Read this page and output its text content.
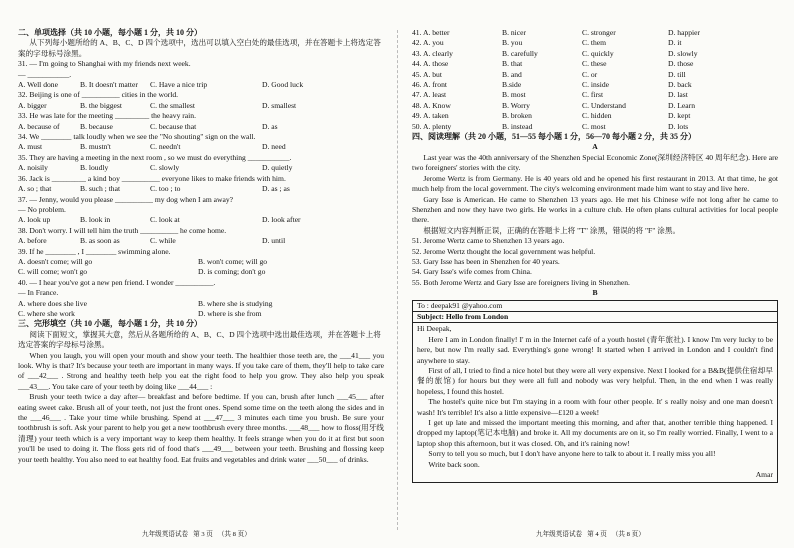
二、单项选择（共 10 小题，每小题 1 分，共 10 分）
从下列每小题所给的 A、B、C、D 四个选项中，选出可以填入空白处的最佳选项，并在答题卡上将选定答案的字母标号涂黑。
31. — I'm going to Shanghai with my friends next week.
— ___________.
A. Well done	B. It doesn't matter	C. Have a nice trip	D. Good luck
32. Beijing is one of __________ cities in the world.
A. bigger	B. the biggest	C. the smallest	D. smallest
33. He was late for the meeting _________ the heavy rain.
A. because of	B. because	C. because that	D. as
34. We ________ talk loudly when we see the "No shouting" sign on the wall.
A. must	B. mustn't	C. needn't	D. need
35. They are having a meeting in the next room , so we must do everything ___________.
A. noisily	B. loudly	C. slowly	D. quietly
36. Jack is _________ a kind boy __________ everyone likes to make friends with him.
A. so ; that	B. such ; that	C. too ; to	D. as ; as
37. — Jenny, would you please __________ my dog when I am away?
— No problem.
A. look up	B. look in	C. look at	D. look after
38. Don't worry. I will tell him the truth __________ he come home.
A. before	B. as soon as	C. while	D. until
39. If he ________ , I ________ swimming alone.
A. doesn't come; will go	B. won't come; will go
C. will come; won't go	D. is coming; don't go
40. — I hear you've got a new pen friend. I wonder __________.
— In France.
A. where does she live	B. where she is studying
C. where she work	D. where is she from
三、完形填空（共 10 小题，每小题 1 分，共 10 分）
阅读下面短文，掌握其大意，然后从各题所给的 A、B、C、D 四个选项中选出最佳选项，并在答题卡上将选定答案的字母标号涂黑。
When you laugh, you will open your mouth and show your teeth. The healthier those teeth are, the ___41___ you look. Why is that? It's because your teeth are important in many ways. If you take care of them, they'll help to take care of ___42___ . Strong and healthy teeth help you eat the right food to help you grow. They also help you speak ___43___. You take care of your teeth by doing like ___44___ :
Brush your teeth twice a day after— breakfast and before bedtime. If you can, brush after lunch ___45___ after eating sweet cake. Brush all of your teeth, not just the front ones. Spend some time on the teeth along the sides and in the ___46___ . Take your time while brushing. Spend at ___47___ 3 minutes each time you brush. Be sure your toothbrush is soft. Ask your parent to help you get a new toothbrush every three months. ___48___ how to floss(用牙线清理) your teeth which is a very important way to keep them healthy. It feels strange when you do it at first but soon you'll be used to doing it. The floss gets rid of food that's ___49___ between your teeth. Brushing and flossing keep your teeth healthy. You also need to eat healthy food. Eat fruits and vegetables and drink water ___50___ of drinks.
41. A. better	B. nicer	C. stronger	D. happier
42. A. you	B. you	C. them	D. it
43. A. clearly	B. carefully	C. quickly	D. slowly
44. A. those	B. that	C. these	D. those
45. A. but	B. and	C. or	D. till
46. A. front	B.side	C. inside	D. back
47. A. least	B. most	C. first	D. last
48. A. Know	B. Worry	C. Understand	D. Learn
49. A. taken	B. broken	C. hidden	D. kept
50. A. plenty	B. instead	C. most	D. lots
四、阅读理解（共 20 小题，51—55 每小题 1 分，56—70 每小题 2 分，共 35 分）
A
Last year was the 40th anniversary of the Shenzhen Special Economic Zone(深圳经济特区 40 周年纪念). Here are two foreigners' stories with the city.
Jerome Wertz is from Germany. He is 40 years old and he opened his first restaurant in 2013. At that time, he got much help from the local government. The city's welcoming environment made him want to stay and live here.
Gary Isse is American. He came to Shenzhen 13 years ago. He met his Chinese wife not long after he came to Shenzhen and now they have two girls. He works in a culture club. He often plans cultural activities for local people there.
根据短文内容判断正误，正确的在答题卡上将 "T" 涂黑，错误的将 "F" 涂黑。
51. Jerome Wertz came to Shenzhen 13 years ago.
52. Jerome Wertz thought the local government was helpful.
53. Gary Isse has been in Shenzhen for 40 years.
54. Gary Isse's wife comes from China.
55. Both Jerome Wertz and Gary Isse are foreigners living in Shenzhen.
B
To : deepak91 @yahoo.com
Subject: Hello from London
Hi Deepak,
Here I am in London finally! I' m in the Internet café of a youth hostel (青年旅社). I know I'm very lucky to be here, but now I'm really sad. Everything's gone wrong! It started when I arrived in London and I couldn't find anywhere to stay.
First of all, I tried to find a nice hotel but they were all very expensive. Next I looked for a B&B(提供住宿却早餐的旅馆) for hours but they were all full and nobody was very helpful. Then, in the end when I was really hopeless, I found this hostel.
The hostel's quite nice but I'm staying in a room with four other people. It' s really noisy and one man doesn't wash! It's terrible! It's also a little expensive—£120 a week!
I get up late and missed the important meeting this morning, and after that, another terrible thing happened. I dropped my laptop(笔记本电脑) and broke it. All my documents are on it, so I'm really worried. Finally, I went to a laptop shop this afternoon, but it was closed. Oh, and it's raining now!
Sorry to tell you so much, but I don't have anyone here to talk to about it. I really miss you all!
Write back soon.
Amar
九年级英语试卷   第 3 页   （共 8 页）	九年级英语试卷   第 4 页   （共 8 页）
